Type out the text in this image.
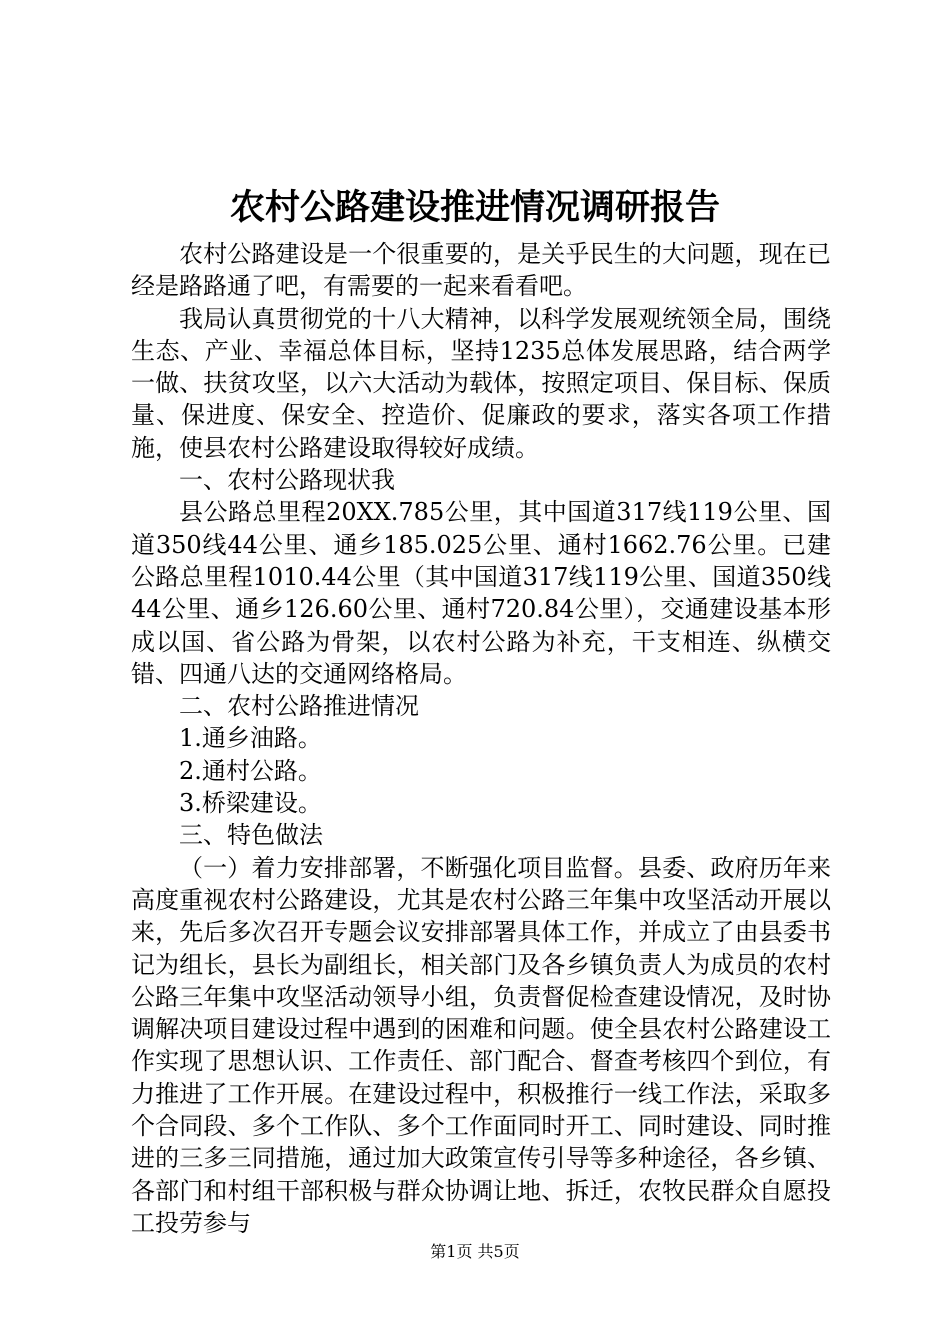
农村公路建设推进情况调研报告

农村公路建设是一个很重要的，是关乎民生的大问题，现在已经是路路通了吧，有需要的一起来看看吧。

我局认真贯彻党的十八大精神，以科学发展观统领全局，围绕生态、产业、幸福总体目标，坚持1235总体发展思路，结合两学一做、扶贫攻坚，以六大活动为载体，按照定项目、保目标、保质量、保进度、保安全、控造价、促廉政的要求，落实各项工作措施，使县农村公路建设取得较好成绩。

一、农村公路现状我

县公路总里程20XX.785公里，其中国道317线119公里、国道350线44公里、通乡185.025公里、通村1662.76公里。已建公路总里程1010.44公里（其中国道317线119公里、国道350线44公里、通乡126.60公里、通村720.84公里），交通建设基本形成以国、省公路为骨架，以农村公路为补充，干支相连、纵横交错、四通八达的交通网络格局。

二、农村公路推进情况

1.通乡油路。

2.通村公路。

3.桥梁建设。

三、特色做法

（一）着力安排部署，不断强化项目监督。县委、政府历年来高度重视农村公路建设，尤其是农村公路三年集中攻坚活动开展以来，先后多次召开专题会议安排部署具体工作，并成立了由县委书记为组长，县长为副组长，相关部门及各乡镇负责人为成员的农村公路三年集中攻坚活动领导小组，负责督促检查建设情况，及时协调解决项目建设过程中遇到的困难和问题。使全县农村公路建设工作实现了思想认识、工作责任、部门配合、督查考核四个到位，有力推进了工作开展。在建设过程中，积极推行一线工作法，采取多个合同段、多个工作队、多个工作面同时开工、同时建设、同时推进的三多三同措施，通过加大政策宣传引导等多种途径，各乡镇、各部门和村组干部积极与群众协调让地、拆迁，农牧民群众自愿投工投劳参与

第1页 共5页
